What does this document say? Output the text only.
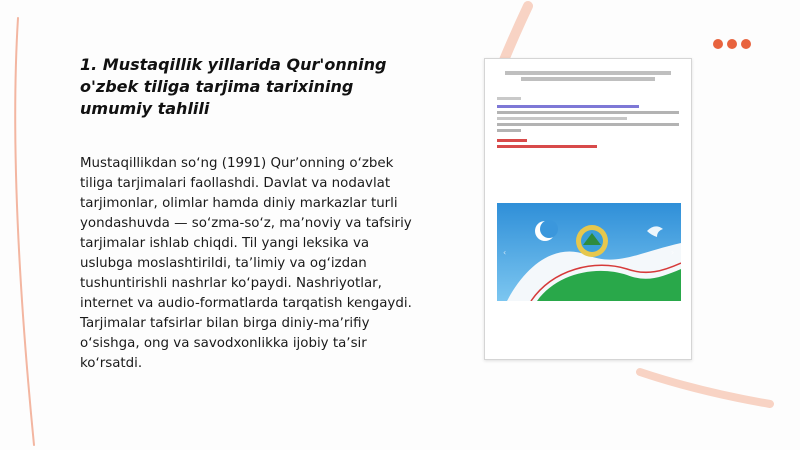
1. Mustaqillik yillarida Qur'onning o'zbek tiligа tarjima tarixining umumiy tahlili

Mustaqillikdan soʻng (1991) Qurʼonning oʻzbek tiliga tarjimalari faollashdi. Davlat va nodavlat tarjimonlar, olimlar hamda diniy markazlar turli yondashuvda — soʻzma-soʻz, maʼnoviy va tafsiriy tarjimalar ishlab chiqdi. Til yangi leksika va uslubga moslashtirildi, taʼlimiy va ogʻizdan tushuntirishli nashrlar koʻpaydi. Nashriyotlar, internet va audio-formatlarda tarqatish kengaydi. Tarjimalar tafsirlar bilan birga diniy-maʼrifiy oʻsishga, ong va savodxonlikka ijobiy taʼsir koʻrsatdi.

‹	›
